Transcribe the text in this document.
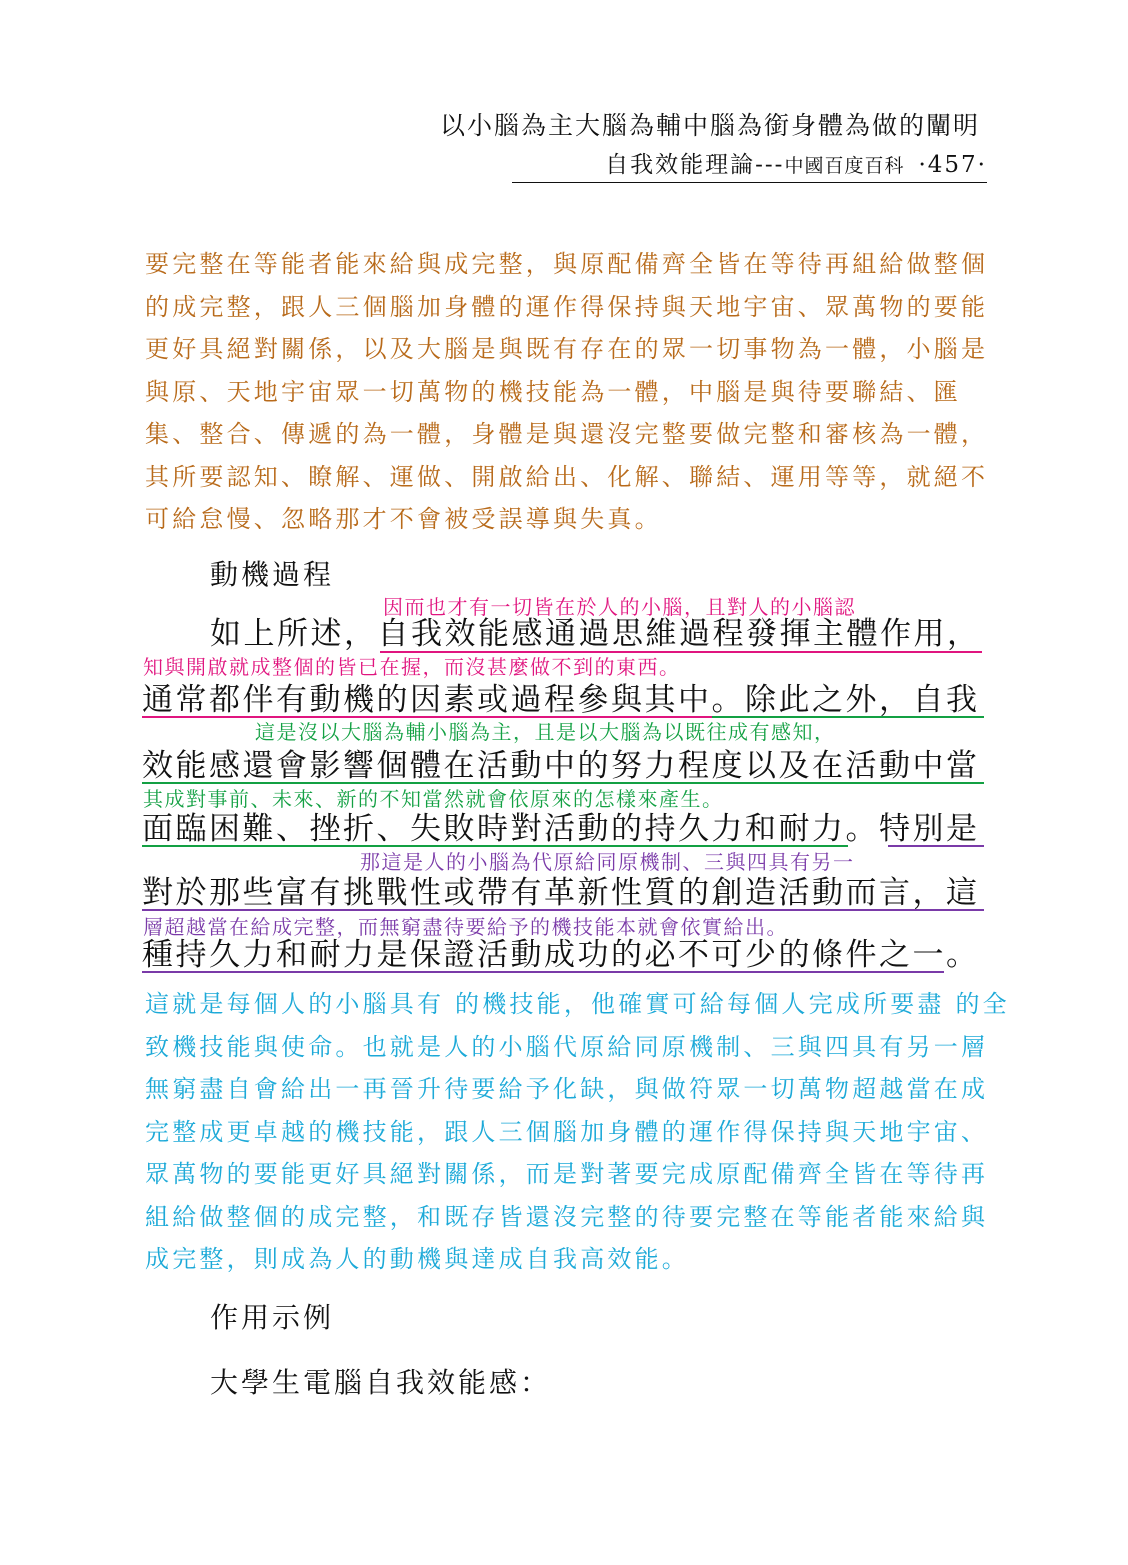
以小腦為主大腦為輔中腦為銜身體為做的闡明
自我效能理論---中國百度百科 ·457·
要完整在等能者能來給與成完整，與原配備齊全皆在等待再組給做整個
的成完整，跟人三個腦加身體的運作得保持與天地宇宙、眾萬物的要能
更好具絕對關係，以及大腦是與既有存在的眾一切事物為一體，小腦是
與原、天地宇宙眾一切萬物的機技能為一體，中腦是與待要聯結、匯
集、整合、傳遞的為一體，身體是與還沒完整要做完整和審核為一體，
其所要認知、瞭解、運做、開啟給出、化解、聯結、運用等等，就絕不
可給怠慢、忽略那才不會被受誤導與失真。
動機過程
因而也才有一切皆在於人的小腦，且對人的小腦認
如上所述，自我效能感通過思維過程發揮主體作用，
知與開啟就成整個的皆已在握，而沒甚麼做不到的東西。
通常都伴有動機的因素或過程參與其中。除此之外，自我
這是沒以大腦為輔小腦為主，且是以大腦為以既往成有感知，
效能感還會影響個體在活動中的努力程度以及在活動中當
其成對事前、未來、新的不知當然就會依原來的怎樣來產生。
面臨困難、挫折、失敗時對活動的持久力和耐力。特別是
那這是人的小腦為代原給同原機制、三與四具有另一
對於那些富有挑戰性或帶有革新性質的創造活動而言，這
層超越當在給成完整，而無窮盡待要給予的機技能本就會依實給出。
種持久力和耐力是保證活動成功的必不可少的條件之一。
這就是每個人的小腦具有 的機技能，他確實可給每個人完成所要盡 的全
致機技能與使命。也就是人的小腦代原給同原機制、三與四具有另一層
無窮盡自會給出一再晉升待要給予化缺，與做符眾一切萬物超越當在成
完整成更卓越的機技能，跟人三個腦加身體的運作得保持與天地宇宙、
眾萬物的要能更好具絕對關係，而是對著要完成原配備齊全皆在等待再
組給做整個的成完整，和既存皆還沒完整的待要完整在等能者能來給與
成完整，則成為人的動機與達成自我高效能。
作用示例
大學生電腦自我效能感：
